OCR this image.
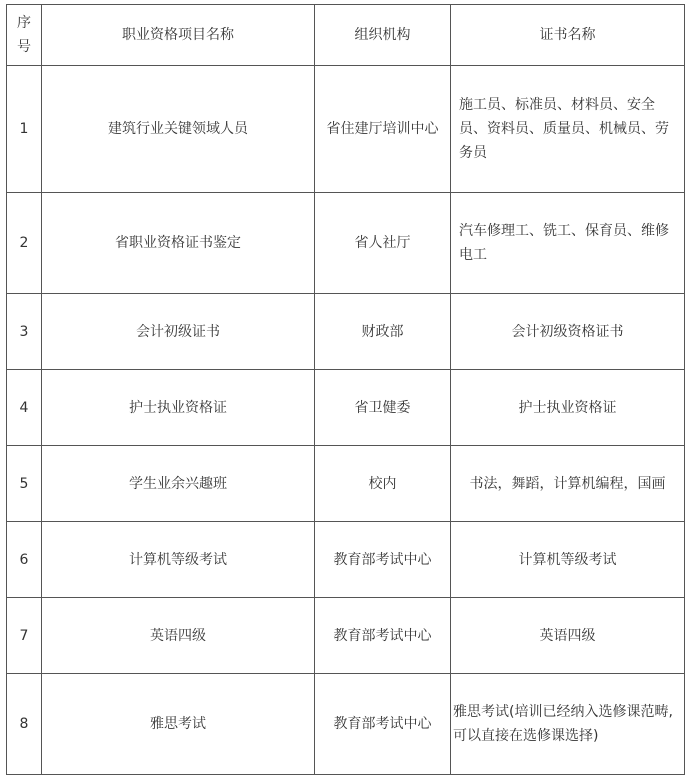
序号	职业资格项目名称	组织机构	证书名称
1	建筑行业关键领域人员	省住建厅培训中心	施工员、标准员、材料员、安全员、资料员、质量员、机械员、劳务员
2	省职业资格证书鉴定	省人社厅	汽车修理工、铣工、保育员、维修电工
3	会计初级证书	财政部	会计初级资格证书
4	护士执业资格证	省卫健委	护士执业资格证
5	学生业余兴趣班	校内	书法，舞蹈，计算机编程，国画
6	计算机等级考试	教育部考试中心	计算机等级考试
7	英语四级	教育部考试中心	英语四级
8	雅思考试	教育部考试中心	雅思考试(培训已经纳入选修课范畴,可以直接在选修课选择)
